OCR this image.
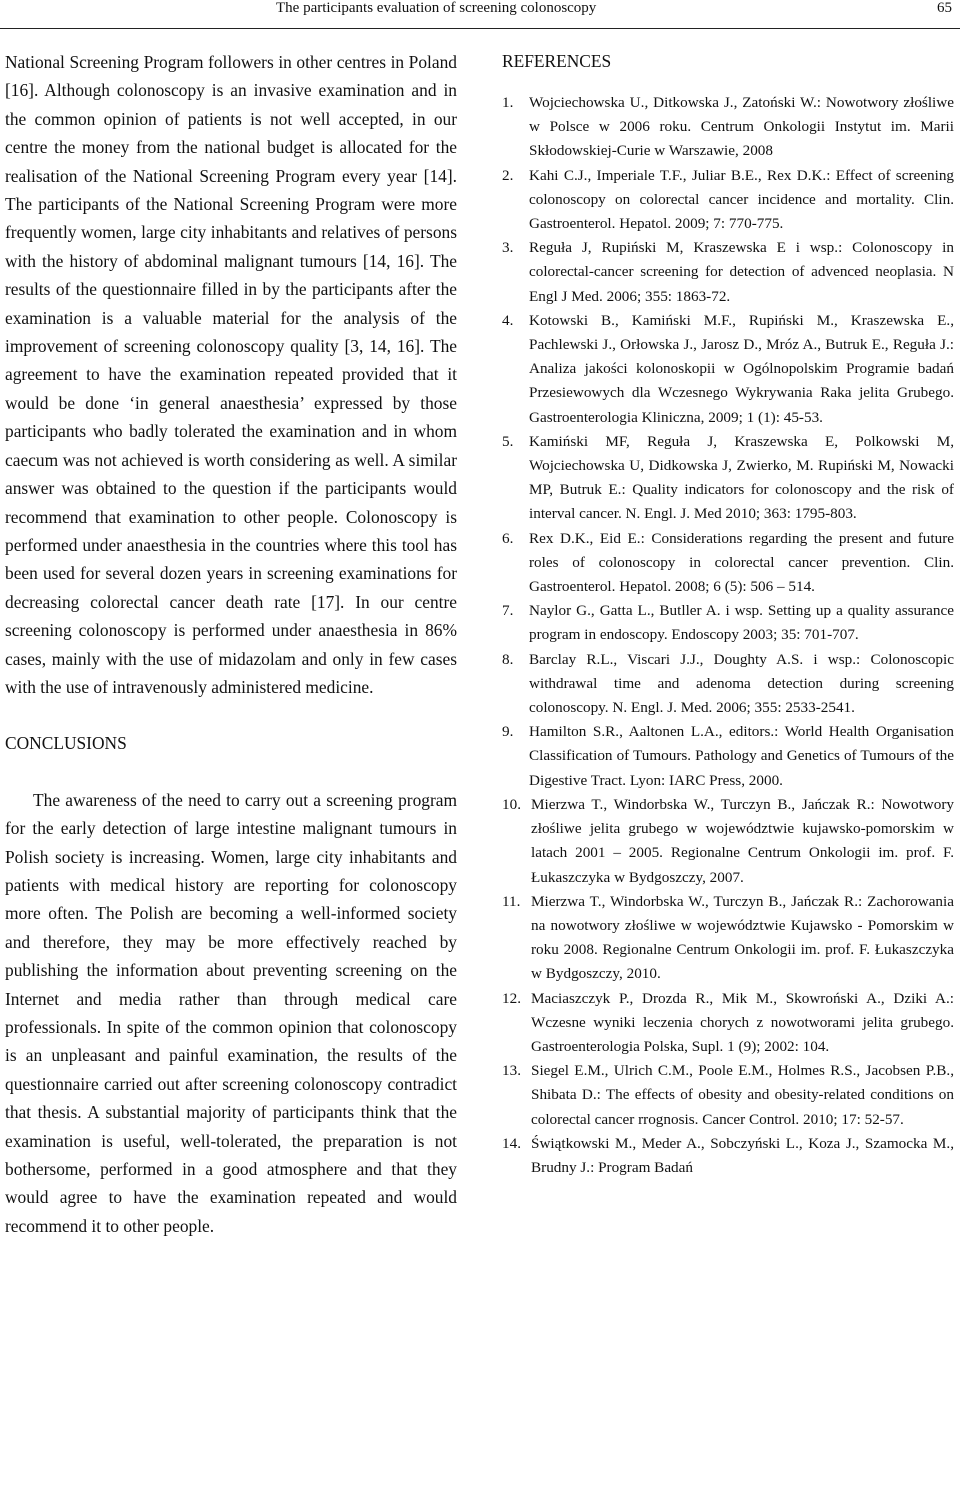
The participants evaluation of screening colonoscopy	65

National Screening Program followers in other centres in Poland [16]. Although colonoscopy is an invasive examination and in the common opinion of patients is not well accepted, in our centre the money from the national budget is allocated for the realisation of the National Screening Program every year [14]. The participants of the National Screening Program were more frequently women, large city inhabitants and relatives of persons with the history of abdominal malignant tumours [14, 16]. The results of the questionnaire filled in by the participants after the examination is a valuable material for the analysis of the improvement of screening colonoscopy quality [3, 14, 16]. The agreement to have the examination repeated provided that it would be done ‘in general anaesthesia’ expressed by those participants who badly tolerated the examination and in whom caecum was not achieved is worth considering as well. A similar answer was obtained to the question if the participants would recommend that examination to other people. Colonoscopy is performed under anaesthesia in the countries where this tool has been used for several dozen years in screening examinations for decreasing colorectal cancer death rate [17]. In our centre screening colonoscopy is performed under anaesthesia in 86% cases, mainly with the use of midazolam and only in few cases with the use of intravenously administered medicine.

CONCLUSIONS

The awareness of the need to carry out a screening program for the early detection of large intestine malignant tumours in Polish society is increasing. Women, large city inhabitants and patients with medical history are reporting for colonoscopy more often. The Polish are becoming a well-informed society and therefore, they may be more effectively reached by publishing the information about preventing screening on the Internet and media rather than through medical care professionals. In spite of the common opinion that colonoscopy is an unpleasant and painful examination, the results of the questionnaire carried out after screening colonoscopy contradict that thesis. A substantial majority of participants think that the examination is useful, well-tolerated, the preparation is not bothersome, performed in a good atmosphere and that they would agree to have the examination repeated and would recommend it to other people.

REFERENCES
1. Wojciechowska U., Ditkowska J., Zatoński W.: Nowotwory złośliwe w Polsce w 2006 roku. Centrum Onkologii Instytut im. Marii Skłodowskiej-Curie w Warszawie, 2008
2. Kahi C.J., Imperiale T.F., Juliar B.E., Rex D.K.: Effect of screening colonoscopy on colorectal cancer incidence and mortality. Clin. Gastroenterol. Hepatol. 2009; 7: 770-775.
3. Reguła J, Rupiński M, Kraszewska E i wsp.: Colonoscopy in colorectal-cancer screening for detection of advenced neoplasia. N Engl J Med. 2006; 355: 1863-72.
4. Kotowski B., Kamiński M.F., Rupiński M., Kraszewska E., Pachlewski J., Orłowska J., Jarosz D., Mróz A., Butruk E., Reguła J.: Analiza jakości kolonoskopii w Ogólnopolskim Programie badań Przesiewowych dla Wczesnego Wykrywania Raka jelita Grubego. Gastroenterologia Kliniczna, 2009; 1 (1): 45-53.
5. Kamiński MF, Reguła J, Kraszewska E, Polkowski M, Wojciechowska U, Didkowska J, Zwierko, M. Rupiński M, Nowacki MP, Butruk E.: Quality indicators for colonoscopy and the risk of interval cancer. N. Engl. J. Med 2010; 363: 1795-803.
6. Rex D.K., Eid E.: Considerations regarding the present and future roles of colonoscopy in colorectal cancer prevention. Clin. Gastroenterol. Hepatol. 2008; 6 (5): 506 – 514.
7. Naylor G., Gatta L., Butller A. i wsp. Setting up a quality assurance program in endoscopy. Endoscopy 2003; 35: 701-707.
8. Barclay R.L., Viscari J.J., Doughty A.S. i wsp.: Colonoscopic withdrawal time and adenoma detection during screening colonoscopy. N. Engl. J. Med. 2006; 355: 2533-2541.
9. Hamilton S.R., Aaltonen L.A., editors.: World Health Organisation Classification of Tumours. Pathology and Genetics of Tumours of the Digestive Tract. Lyon: IARC Press, 2000.
10. Mierzwa T., Windorbska W., Turczyn B., Jańczak R.: Nowotwory złośliwe jelita grubego w województwie kujawsko-pomorskim w latach 2001 – 2005. Regionalne Centrum Onkologii im. prof. F. Łukaszczyka w Bydgoszczy, 2007.
11. Mierzwa T., Windorbska W., Turczyn B., Jańczak R.: Zachorowania na nowotwory złośliwe w województwie Kujawsko - Pomorskim w roku 2008. Regionalne Centrum Onkologii im. prof. F. Łukaszczyka w Bydgoszczy, 2010.
12. Maciaszczyk P., Drozda R., Mik M., Skowroński A., Dziki A.: Wczesne wyniki leczenia chorych z nowotworami jelita grubego. Gastroenterologia Polska, Supl. 1 (9); 2002: 104.
13. Siegel E.M., Ulrich C.M., Poole E.M., Holmes R.S., Jacobsen P.B., Shibata D.: The effects of obesity and obesity-related conditions on colorectal cancer rrognosis. Cancer Control. 2010; 17: 52-57.
14. Świątkowski M., Meder A., Sobczyński L., Koza J., Szamocka M., Brudny J.: Program Badań
